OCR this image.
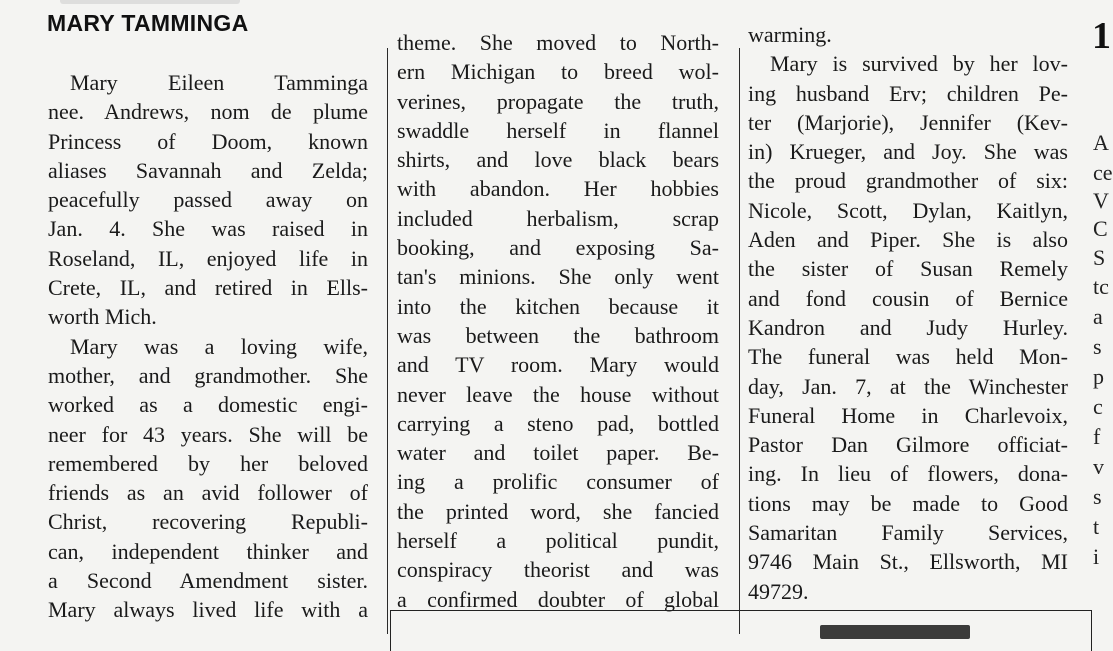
MARY TAMMINGA
Mary Eileen Tamminga
nee. Andrews, nom de plume
Princess of Doom, known
aliases Savannah and Zelda;
peacefully passed away on
Jan. 4. She was raised in
Roseland, IL, enjoyed life in
Crete, IL, and retired in Ells-
worth Mich.
Mary was a loving wife,
mother, and grandmother. She
worked as a domestic engi-
neer for 43 years. She will be
remembered by her beloved
friends as an avid follower of
Christ, recovering Republi-
can, independent thinker and
a Second Amendment sister.
Mary always lived life with a
theme. She moved to North-
ern Michigan to breed wol-
verines, propagate the truth,
swaddle herself in flannel
shirts, and love black bears
with abandon. Her hobbies
included herbalism, scrap
booking, and exposing Sa-
tan's minions. She only went
into the kitchen because it
was between the bathroom
and TV room. Mary would
never leave the house without
carrying a steno pad, bottled
water and toilet paper. Be-
ing a prolific consumer of
the printed word, she fancied
herself a political pundit,
conspiracy theorist and was
a confirmed doubter of global
warming.
Mary is survived by her lov-
ing husband Erv; children Pe-
ter (Marjorie), Jennifer (Kev-
in) Krueger, and Joy. She was
the proud grandmother of six:
Nicole, Scott, Dylan, Kaitlyn,
Aden and Piper. She is also
the sister of Susan Remely
and fond cousin of Bernice
Kandron and Judy Hurley.
The funeral was held Mon-
day, Jan. 7, at the Winchester
Funeral Home in Charlevoix,
Pastor Dan Gilmore officiat-
ing. In lieu of flowers, dona-
tions may be made to Good
Samaritan Family Services,
9746 Main St., Ellsworth, MI
49729.
1
A
ce
V
C
S
tc
a
s
p
c
f
v
s
t
i
